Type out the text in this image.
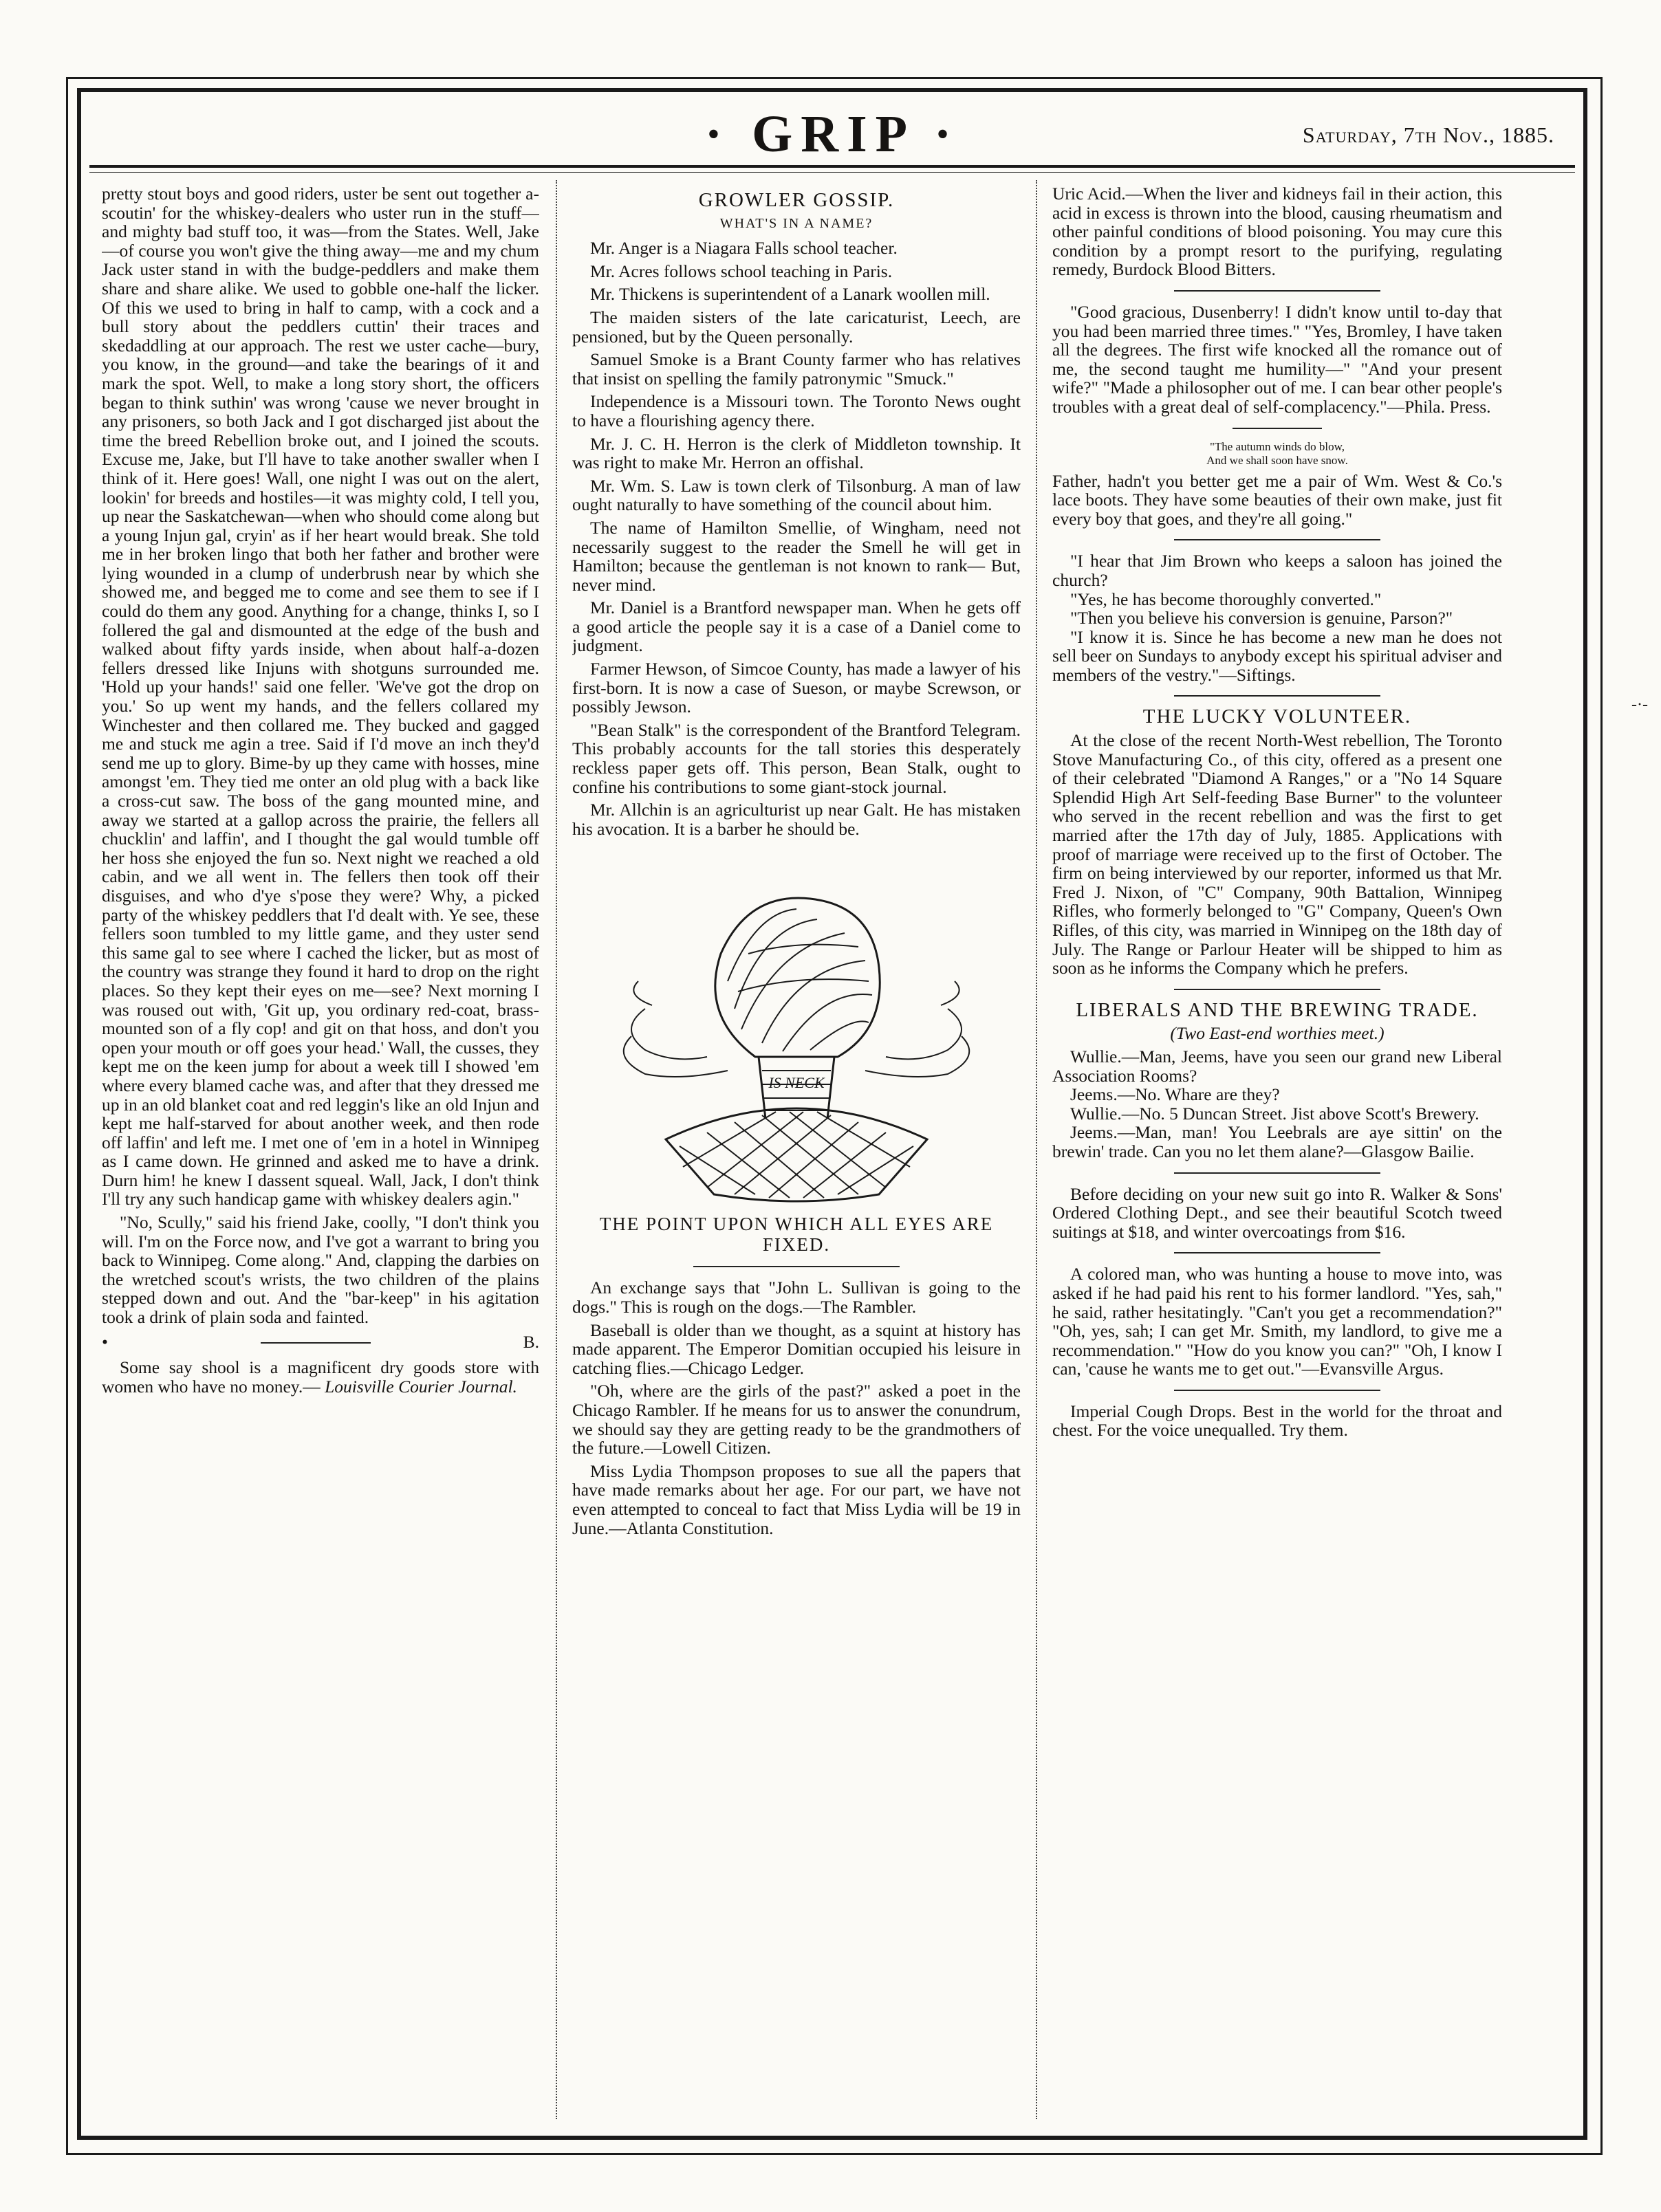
· GRIP ·	Saturday, 7th Nov., 1885.

pretty stout boys and good riders, uster be sent out together a-scoutin' for the whiskey-dealers who uster run in the stuff—and mighty bad stuff too, it was—from the States. Well, Jake—of course you won't give the thing away—me and my chum Jack uster stand in with the budge-peddlers and make them share and share alike. We used to gobble one-half the licker. Of this we used to bring in half to camp, with a cock and a bull story about the peddlers cuttin' their traces and skedaddling at our approach. The rest we uster cache—bury, you know, in the ground—and take the bearings of it and mark the spot. Well, to make a long story short, the officers began to think suthin' was wrong 'cause we never brought in any prisoners, so both Jack and I got discharged jist about the time the breed Rebellion broke out, and I joined the scouts. Excuse me, Jake, but I'll have to take another swaller when I think of it. Here goes! Wall, one night I was out on the alert, lookin' for breeds and hostiles—it was mighty cold, I tell you, up near the Saskatchewan—when who should come along but a young Injun gal, cryin' as if her heart would break. She told me in her broken lingo that both her father and brother were lying wounded in a clump of underbrush near by which she showed me, and begged me to come and see them to see if I could do them any good. Anything for a change, thinks I, so I follered the gal and dismounted at the edge of the bush and walked about fifty yards inside, when about half-a-dozen fellers dressed like Injuns with shotguns surrounded me. 'Hold up your hands!' said one feller. 'We've got the drop on you.' So up went my hands, and the fellers collared my Winchester and then collared me. They bucked and gagged me and stuck me agin a tree. Said if I'd move an inch they'd send me up to glory. Bime-by up they came with hosses, mine amongst 'em. They tied me onter an old plug with a back like a cross-cut saw. The boss of the gang mounted mine, and away we started at a gallop across the prairie, the fellers all chucklin' and laffin', and I thought the gal would tumble off her hoss she enjoyed the fun so. Next night we reached a old cabin, and we all went in. The fellers then took off their disguises, and who d'ye s'pose they were? Why, a picked party of the whiskey peddlers that I'd dealt with. Ye see, these fellers soon tumbled to my little game, and they uster send this same gal to see where I cached the licker, but as most of the country was strange they found it hard to drop on the right places. So they kept their eyes on me—see? Next morning I was roused out with, 'Git up, you ordinary red-coat, brass-mounted son of a fly cop! and git on that hoss, and don't you open your mouth or off goes your head.' Wall, the cusses, they kept me on the keen jump for about a week till I showed 'em where every blamed cache was, and after that they dressed me up in an old blanket coat and red leggin's like an old Injun and kept me half-starved for about another week, and then rode off laffin' and left me. I met one of 'em in a hotel in Winnipeg as I came down. He grinned and asked me to have a drink. Durn him! he knew I dassent squeal. Wall, Jack, I don't think I'll try any such handicap game with whiskey dealers agin."

"No, Scully," said his friend Jake, coolly, "I don't think you will. I'm on the Force now, and I've got a warrant to bring you back to Winnipeg. Come along." And, clapping the darbies on the wretched scout's wrists, the two children of the plains stepped down and out. And the "bar-keep" in his agitation took a drink of plain soda and fainted.

•	B.

Some say shool is a magnificent dry goods store with women who have no money.— Louisville Courier Journal.

GROWLER GOSSIP.
WHAT'S IN A NAME?

Mr. Anger is a Niagara Falls school teacher.

Mr. Acres follows school teaching in Paris.

Mr. Thickens is superintendent of a Lanark woollen mill.

The maiden sisters of the late caricaturist, Leech, are pensioned, but by the Queen personally.

Samuel Smoke is a Brant County farmer who has relatives that insist on spelling the family patronymic "Smuck."

Independence is a Missouri town. The Toronto News ought to have a flourishing agency there.

Mr. J. C. H. Herron is the clerk of Middleton township. It was right to make Mr. Herron an offishal.

Mr. Wm. S. Law is town clerk of Tilsonburg. A man of law ought naturally to have something of the council about him.

The name of Hamilton Smellie, of Wingham, need not necessarily suggest to the reader the Smell he will get in Hamilton; because the gentleman is not known to rank— But, never mind.

Mr. Daniel is a Brantford newspaper man. When he gets off a good article the people say it is a case of a Daniel come to judgment.

Farmer Hewson, of Simcoe County, has made a lawyer of his first-born. It is now a case of Sueson, or maybe Screwson, or possibly Jewson.

"Bean Stalk" is the correspondent of the Brantford Telegram. This probably accounts for the tall stories this desperately reckless paper gets off. This person, Bean Stalk, ought to confine his contributions to some giant-stock journal.

Mr. Allchin is an agriculturist up near Galt. He has mistaken his avocation. It is a barber he should be.

IS NECK
THE POINT UPON WHICH ALL EYES ARE FIXED.

An exchange says that "John L. Sullivan is going to the dogs." This is rough on the dogs.—The Rambler.

Baseball is older than we thought, as a squint at history has made apparent. The Emperor Domitian occupied his leisure in catching flies.—Chicago Ledger.

"Oh, where are the girls of the past?" asked a poet in the Chicago Rambler. If he means for us to answer the conundrum, we should say they are getting ready to be the grandmothers of the future.—Lowell Citizen.

Miss Lydia Thompson proposes to sue all the papers that have made remarks about her age. For our part, we have not even attempted to conceal to fact that Miss Lydia will be 19 in June.—Atlanta Constitution.

Uric Acid.—When the liver and kidneys fail in their action, this acid in excess is thrown into the blood, causing rheumatism and other painful conditions of blood poisoning. You may cure this condition by a prompt resort to the purifying, regulating remedy, Burdock Blood Bitters.

"Good gracious, Dusenberry! I didn't know until to-day that you had been married three times." "Yes, Bromley, I have taken all the degrees. The first wife knocked all the romance out of me, the second taught me humility—" "And your present wife?" "Made a philosopher out of me. I can bear other people's troubles with a great deal of self-complacency."—Phila. Press.

"The autumn winds do blow,
And we shall soon have snow.

Father, hadn't you better get me a pair of Wm. West & Co.'s lace boots. They have some beauties of their own make, just fit every boy that goes, and they're all going."

"I hear that Jim Brown who keeps a saloon has joined the church?

"Yes, he has become thoroughly converted."

"Then you believe his conversion is genuine, Parson?"

"I know it is. Since he has become a new man he does not sell beer on Sundays to anybody except his spiritual adviser and members of the vestry."—Siftings.

THE LUCKY VOLUNTEER.

At the close of the recent North-West rebellion, The Toronto Stove Manufacturing Co., of this city, offered as a present one of their celebrated "Diamond A Ranges," or a "No 14 Square Splendid High Art Self-feeding Base Burner" to the volunteer who served in the recent rebellion and was the first to get married after the 17th day of July, 1885. Applications with proof of marriage were received up to the first of October. The firm on being interviewed by our reporter, informed us that Mr. Fred J. Nixon, of "C" Company, 90th Battalion, Winnipeg Rifles, who formerly belonged to "G" Company, Queen's Own Rifles, of this city, was married in Winnipeg on the 18th day of July. The Range or Parlour Heater will be shipped to him as soon as he informs the Company which he prefers.

LIBERALS AND THE BREWING TRADE.

(Two East-end worthies meet.)

Wullie.—Man, Jeems, have you seen our grand new Liberal Association Rooms?

Jeems.—No. Whare are they?

Wullie.—No. 5 Duncan Street. Jist above Scott's Brewery.

Jeems.—Man, man! You Leebrals are aye sittin' on the brewin' trade. Can you no let them alane?—Glasgow Bailie.

Before deciding on your new suit go into R. Walker & Sons' Ordered Clothing Dept., and see their beautiful Scotch tweed suitings at $18, and winter overcoatings from $16.

A colored man, who was hunting a house to move into, was asked if he had paid his rent to his former landlord. "Yes, sah," he said, rather hesitatingly. "Can't you get a recommendation?" "Oh, yes, sah; I can get Mr. Smith, my landlord, to give me a recommendation." "How do you know you can?" "Oh, I know I can, 'cause he wants me to get out."—Evansville Argus.

Imperial Cough Drops. Best in the world for the throat and chest. For the voice unequalled. Try them.

-·-
